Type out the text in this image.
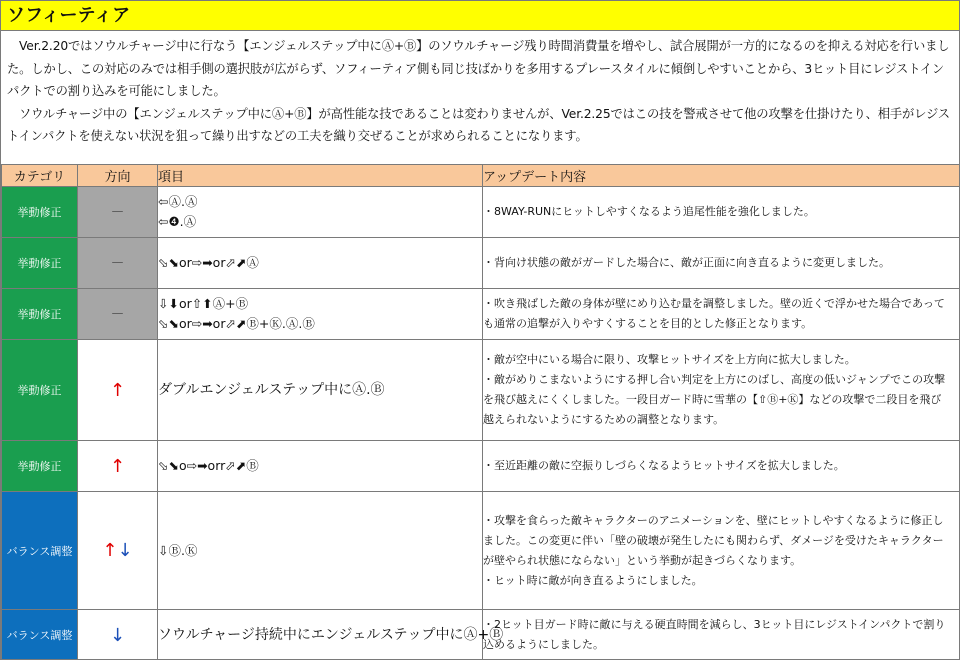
ソフィーティア

Ver.2.20ではソウルチャージ中に行なう【エンジェルステップ中にⒶ+Ⓑ】のソウルチャージ残り時間消費量を増やし、試合展開が一方的になるのを抑える対応を行いました。しかし、この対応のみでは相手側の選択肢が広がらず、ソフィーティア側も同じ技ばかりを多用するプレースタイルに傾倒しやすいことから、3ヒット目にレジストインパクトでの割り込みを可能にしました。

ソウルチャージ中の【エンジェルステップ中にⒶ+Ⓑ】が高性能な技であることは変わりませんが、Ver.2.25ではこの技を警戒させて他の攻撃を仕掛けたり、相手がレジストインパクトを使えない状況を狙って繰り出すなどの工夫を織り交ぜることが求められることになります。

カテゴリ	方向	項目	アップデート内容
挙動修正	－	⇦Ⓐ.Ⓐ
⇦❹.Ⓐ	・8WAY-RUNにヒットしやすくなるよう追尾性能を強化しました。

挙動修正	－	⬂⬊or⇨➡or⬀⬈Ⓐ	・背向け状態の敵がガードした場合に、敵が正面に向き直るように変更しました。

挙動修正	－	⇩⬇or⇧⬆Ⓐ+Ⓑ
⬂⬊or⇨➡or⬀⬈Ⓑ+Ⓚ.Ⓐ.Ⓑ	・吹き飛ばした敵の身体が壁にめり込む量を調整しました。壁の近くで浮かせた場合であって
も通常の追撃が入りやすくすることを目的とした修正となります。

挙動修正	↑	ダブルエンジェルステップ中にⒶ.Ⓑ	・敵が空中にいる場合に限り、攻撃ヒットサイズを上方向に拡大しました。
・敵がめりこまないようにする押し合い判定を上方にのばし、高度の低いジャンプでこの攻撃
を飛び越えにくくしました。一段目ガード時に雪華の【⇧Ⓑ+Ⓚ】などの攻撃で二段目を飛び
越えられないようにするための調整となります。

挙動修正	↑	⬂⬊o⇨➡orr⬀⬈Ⓑ	・至近距離の敵に空振りしづらくなるようヒットサイズを拡大しました。

バランス調整	↑↓	⇩Ⓑ.Ⓚ	・攻撃を食らった敵キャラクターのアニメーションを、壁にヒットしやすくなるように修正し
ました。この変更に伴い「壁の破壊が発生したにも関わらず、ダメージを受けたキャラクター
が壁やられ状態にならない」という挙動が起きづらくなります。
・ヒット時に敵が向き直るようにしました。

バランス調整	↓	ソウルチャージ持続中にエンジェルステップ中にⒶ+Ⓑ	・2ヒット目ガード時に敵に与える硬直時間を減らし、3ヒット目にレジストインパクトで割り
込めるようにしました。
